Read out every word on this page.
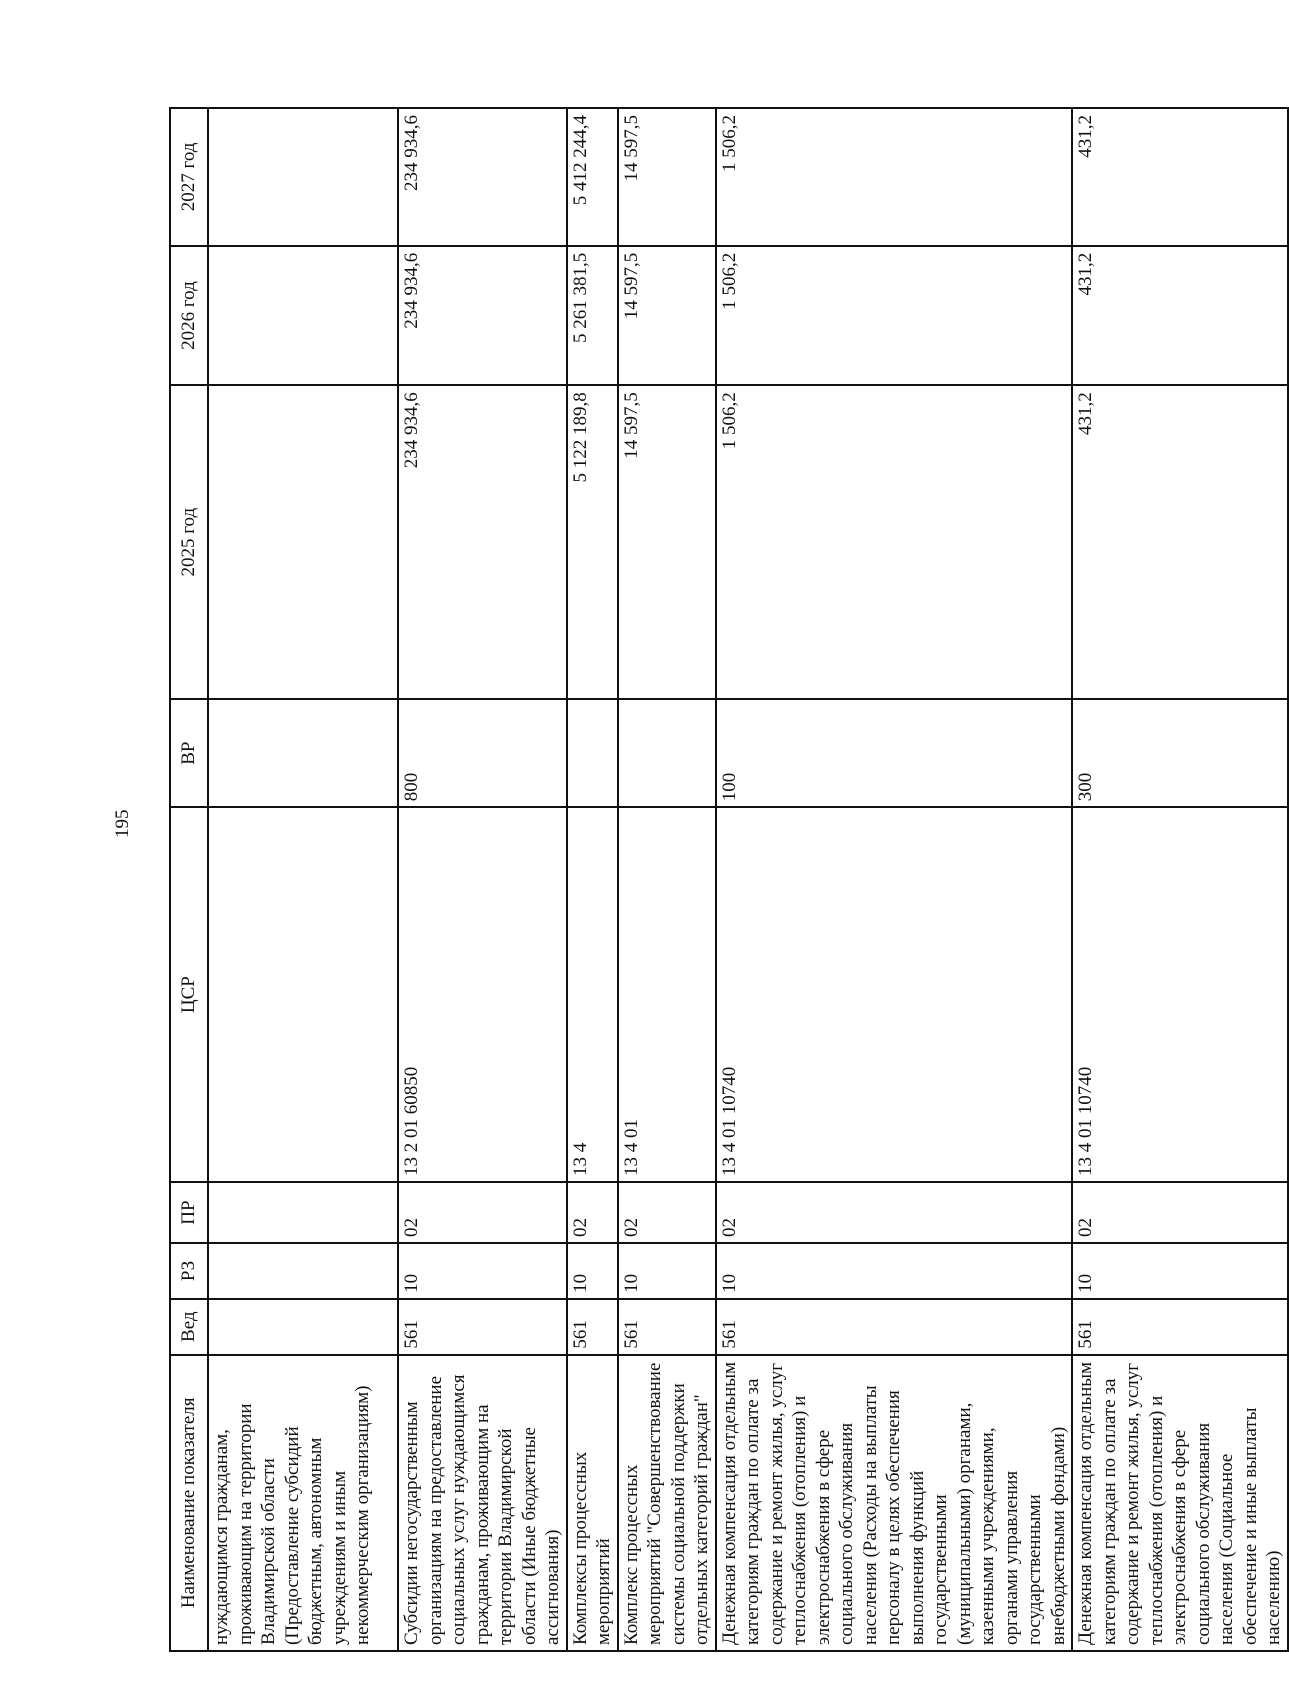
195
Наименование показателя	Вед	РЗ	ПР	ЦСР	ВР	2025 год	2026 год	2027 год
нуждающимся гражданам, проживающим на территории Владимирской области (Предоставление субсидий бюджетным, автономным учреждениям и иным некоммерческим организациям)								
Субсидии негосударственным организациям на предоставление социальных услуг нуждающимся гражданам, проживающим на территории Владимирской области (Иные бюджетные ассигнования)	561	10	02	13 2 01 60850	800	234 934,6	234 934,6	234 934,6
Комплексы процессных мероприятий	561	10	02	13 4		5 122 189,8	5 261 381,5	5 412 244,4
Комплекс процессных мероприятий "Совершенствование системы социальной поддержки отдельных категорий граждан"	561	10	02	13 4 01		14 597,5	14 597,5	14 597,5
Денежная компенсация отдельным категориям граждан по оплате за содержание и ремонт жилья, услуг теплоснабжения (отопления) и электроснабжения в сфере социального обслуживания населения (Расходы на выплаты персоналу в целях обеспечения выполнения функций государственными (муниципальными) органами, казенными учреждениями, органами управления государственными внебюджетными фондами)	561	10	02	13 4 01 10740	100	1 506,2	1 506,2	1 506,2
Денежная компенсация отдельным категориям граждан по оплате за содержание и ремонт жилья, услуг теплоснабжения (отопления) и электроснабжения в сфере социального обслуживания населения (Социальное обеспечение и иные выплаты населению)	561	10	02	13 4 01 10740	300	431,2	431,2	431,2
